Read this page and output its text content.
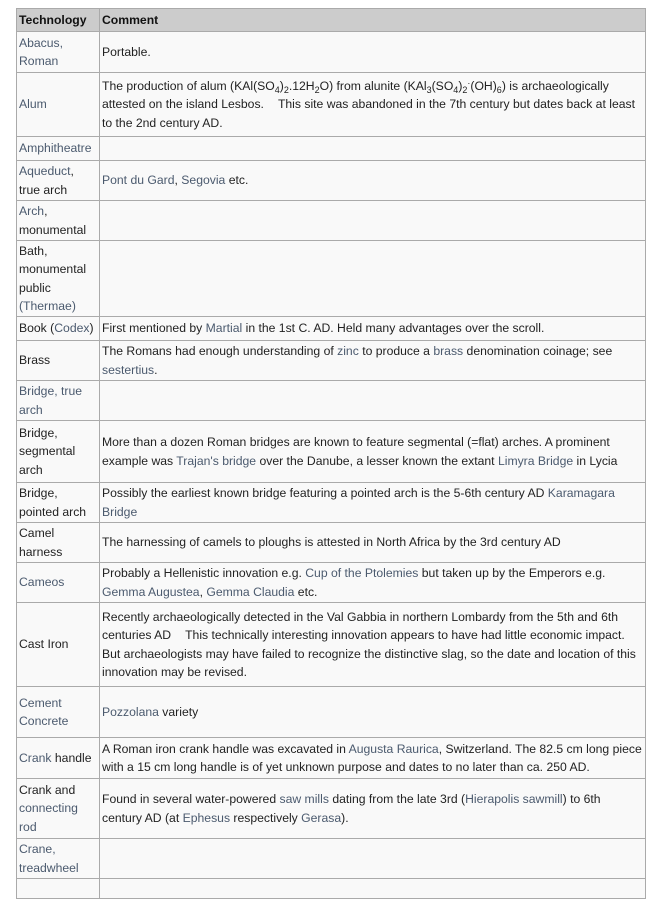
Technology	Comment
Abacus, Roman	Portable.
Alum	The production of alum $(KAl(SO_4)_2.12H_2O)$ from alunite $(KAl_3(SO_4)_2^\cdot(OH)_6)$ is archaeologically attested on the island Lesbos. This site was abandoned in the 7th century but dates back at least to the 2nd century AD.
Amphitheatre	
Aqueduct, true arch	Pont du Gard, Segovia etc.
Arch, monumental	
Bath, monumental public (Thermae)	
Book (Codex)	First mentioned by Martial in the 1st C. AD. Held many advantages over the scroll.
Brass	The Romans had enough understanding of zinc to produce a brass denomination coinage; see sestertius.
Bridge, true arch	
Bridge, segmental arch	More than a dozen Roman bridges are known to feature segmental (=flat) arches. A prominent example was Trajan's bridge over the Danube, a lesser known the extant Limyra Bridge in Lycia
Bridge, pointed arch	Possibly the earliest known bridge featuring a pointed arch is the 5-6th century AD Karamagara Bridge
Camel harness	The harnessing of camels to ploughs is attested in North Africa by the 3rd century AD
Cameos	Probably a Hellenistic innovation e.g. Cup of the Ptolemies but taken up by the Emperors e.g. Gemma Augustea, Gemma Claudia etc.
Cast Iron	Recently archaeologically detected in the Val Gabbia in northern Lombardy from the 5th and 6th centuries AD This technically interesting innovation appears to have had little economic impact. But archaeologists may have failed to recognize the distinctive slag, so the date and location of this innovation may be revised.
Cement Concrete	Pozzolana variety
Crank handle	A Roman iron crank handle was excavated in Augusta Raurica, Switzerland. The 82.5 cm long piece with a 15 cm long handle is of yet unknown purpose and dates to no later than ca. 250 AD.
Crank and connecting rod	Found in several water-powered saw mills dating from the late 3rd (Hierapolis sawmill) to 6th century AD (at Ephesus respectively Gerasa).
Crane, treadwheel	
